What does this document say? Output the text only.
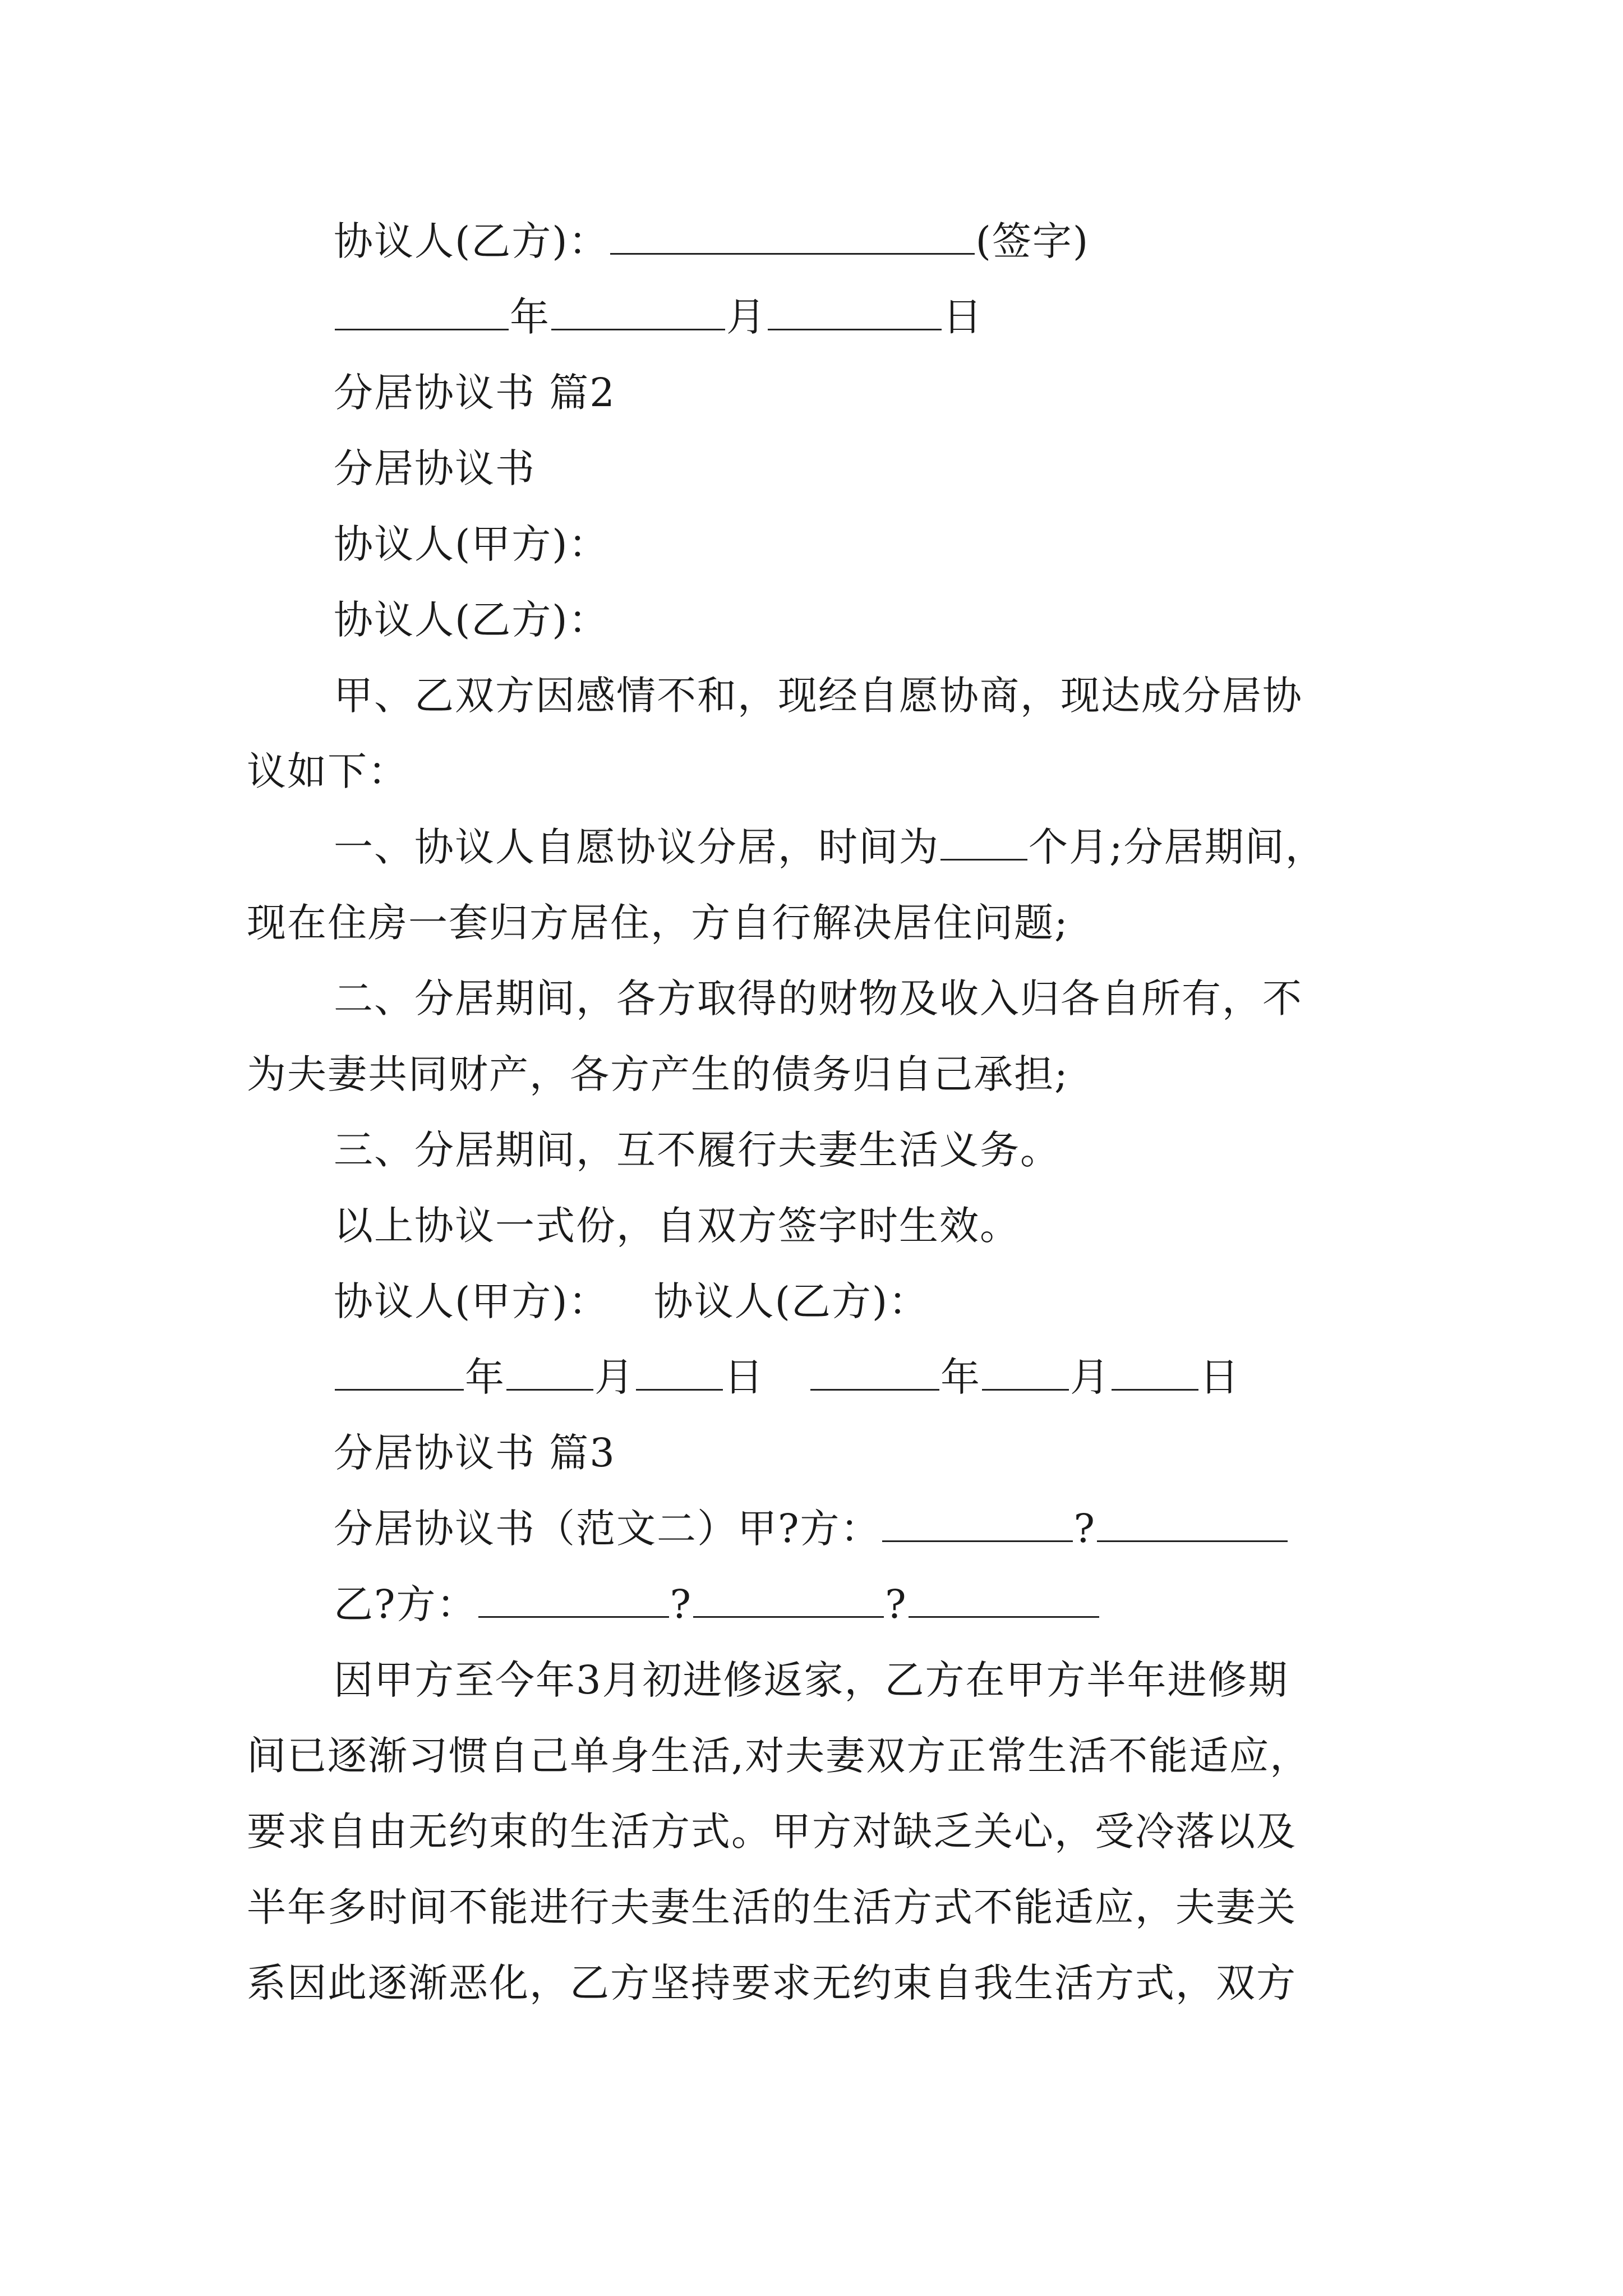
协议人(乙方)：	(签字)
年	月	日
分居协议书 篇2
分居协议书
协议人(甲方)：
协议人(乙方)：
甲、乙双方因感情不和，现经自愿协商，现达成分居协
议如下：
一、协议人自愿协议分居，时间为 个月;分居期间，
现在住房一套归方居住，方自行解决居住问题;
二、分居期间，各方取得的财物及收入归各自所有，不
为夫妻共同财产，各方产生的债务归自己承担;
三、分居期间，互不履行夫妻生活义务。
以上协议一式份，自双方签字时生效。
协议人(甲方)： 协议人(乙方)：
年 月 日	年 月 日
分居协议书 篇3
分居协议书（范文二）甲?方：	?
乙?方：	?	?
因甲方至今年3月初进修返家，乙方在甲方半年进修期
间已逐渐习惯自己单身生活,对夫妻双方正常生活不能适应，
要求自由无约束的生活方式。甲方对缺乏关心，受冷落以及
半年多时间不能进行夫妻生活的生活方式不能适应，夫妻关
系因此逐渐恶化，乙方坚持要求无约束自我生活方式，双方
